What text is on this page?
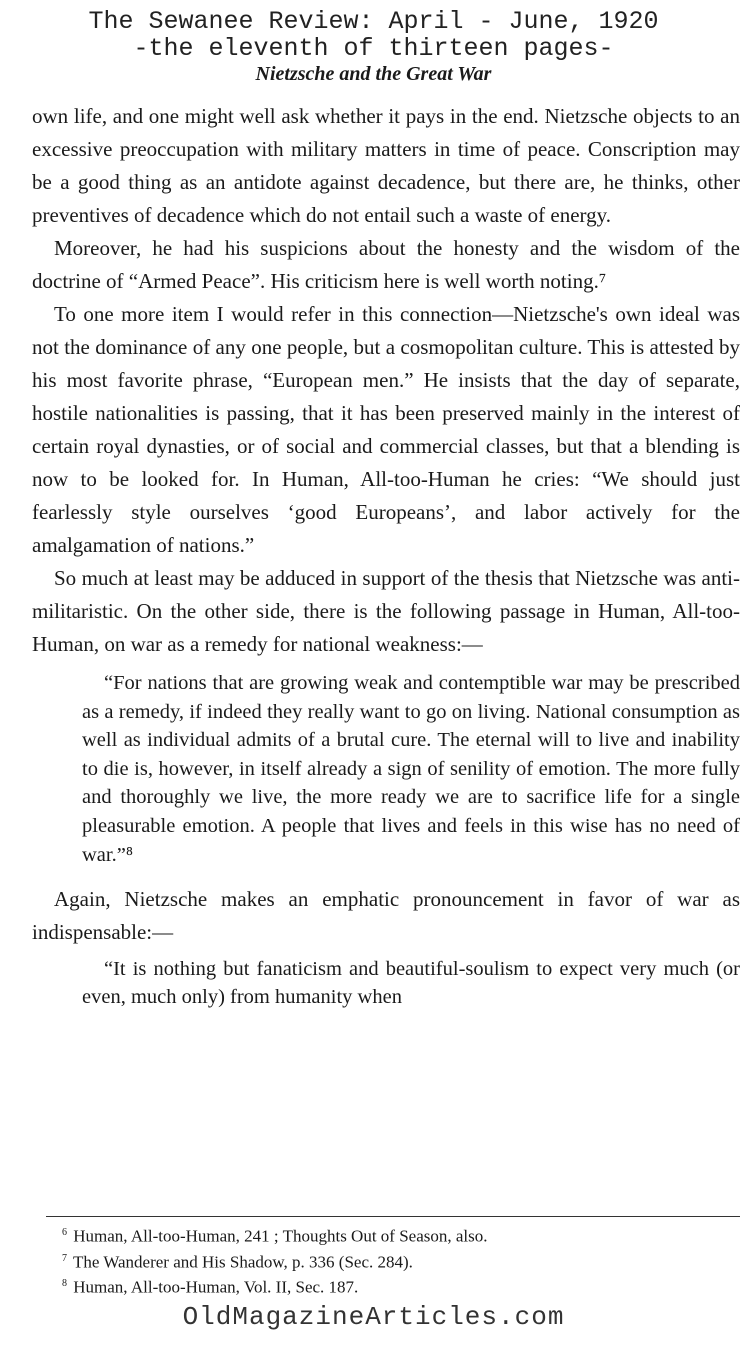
The Sewanee Review: April - June, 1920
-the eleventh of thirteen pages-
Nietzsche and the Great War

own life, and one might well ask whether it pays in the end. Nietzsche objects to an excessive preoccupation with military matters in time of peace. Conscription may be a good thing as an antidote against decadence, but there are, he thinks, other preventives of decadence which do not entail such a waste of energy.

Moreover, he had his suspicions about the honesty and the wisdom of the doctrine of “Armed Peace”. His criticism here is well worth noting.⁷

To one more item I would refer in this connection—Nietzsche's own ideal was not the dominance of any one people, but a cosmopolitan culture. This is attested by his most favorite phrase, “European men.” He insists that the day of separate, hostile nationalities is passing, that it has been preserved mainly in the interest of certain royal dynasties, or of social and commercial classes, but that a blending is now to be looked for. In Human, All-too-Human he cries: “We should just fearlessly style ourselves ‘good Europeans’, and labor actively for the amalgamation of nations.”

So much at least may be adduced in support of the thesis that Nietzsche was anti-militaristic. On the other side, there is the following passage in Human, All-too-Human, on war as a remedy for national weakness:—

“For nations that are growing weak and contemptible war may be prescribed as a remedy, if indeed they really want to go on living. National consumption as well as individual admits of a brutal cure. The eternal will to live and inability to die is, however, in itself already a sign of senility of emotion. The more fully and thoroughly we live, the more ready we are to sacrifice life for a single pleasurable emotion. A people that lives and feels in this wise has no need of war.”⁸

Again, Nietzsche makes an emphatic pronouncement in favor of war as indispensable:—

“It is nothing but fanaticism and beautiful-soulism to expect very much (or even, much only) from humanity when

$^6$ Human, All-too-Human, 241 ; Thoughts Out of Season, also.
$^7$ The Wanderer and His Shadow, p. 336 (Sec. 284).
$^8$ Human, All-too-Human, Vol. II, Sec. 187.
OldMagazineArticles.com
